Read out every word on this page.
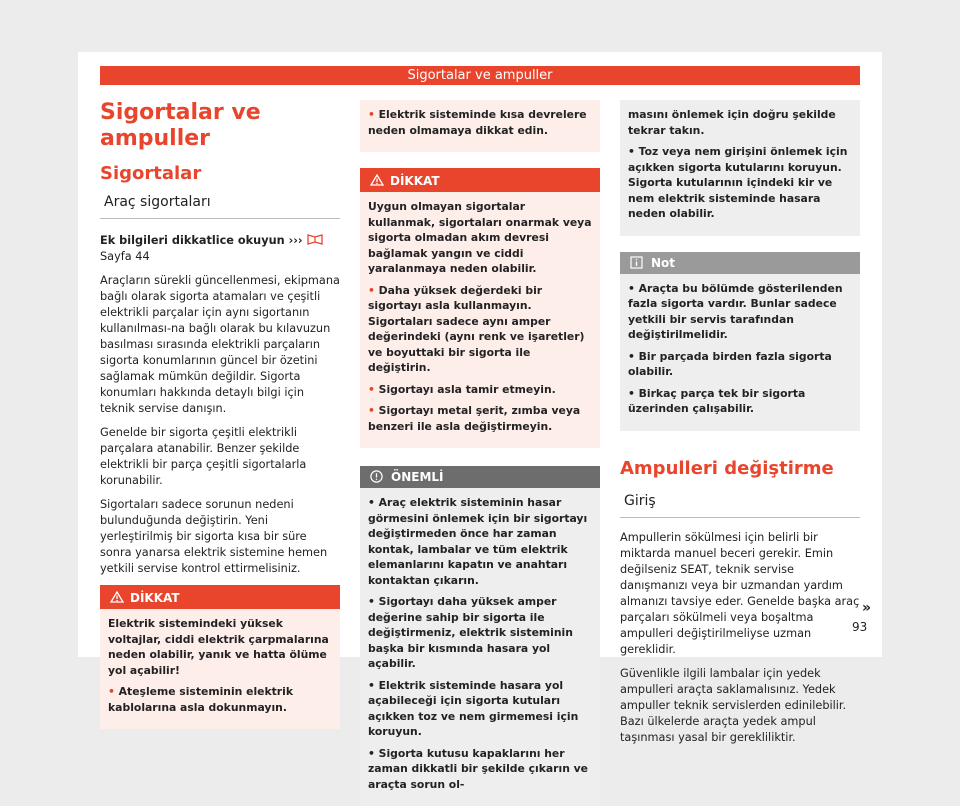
Sigortalar ve ampuller
Sigortalar ve ampuller
Sigortalar
Araç sigortaları

Ek bilgileri dikkatlice okuyun ›››  Sayfa 44

Araçların sürekli güncellenmesi, ekipmana bağlı olarak sigorta atamaları ve çeşitli elektrikli parçalar için aynı sigortanın kullanılması-na bağlı olarak bu kılavuzun basılması sırasında elektrikli parçaların sigorta konumlarının güncel bir özetini sağlamak mümkün değildir. Sigorta konumları hakkında detaylı bilgi için teknik servise danışın.

Genelde bir sigorta çeşitli elektrikli parçalara atanabilir. Benzer şekilde elektrikli bir parça çeşitli sigortalarla korunabilir.

Sigortaları sadece sorunun nedeni bulunduğunda değiştirin. Yeni yerleştirilmiş bir sigorta kısa bir süre sonra yanarsa elektrik sistemine hemen yetkili servise kontrol ettirmelisiniz.

DİKKAT

Elektrik sistemindeki yüksek voltajlar, ciddi elektrik çarpmalarına neden olabilir, yanık ve hatta ölüme yol açabilir!

• Ateşleme sisteminin elektrik kablolarına asla dokunmayın.

• Elektrik sisteminde kısa devrelere neden olmamaya dikkat edin.

DİKKAT

Uygun olmayan sigortalar kullanmak, sigortaları onarmak veya sigorta olmadan akım devresi bağlamak yangın ve ciddi yaralanmaya neden olabilir.

• Daha yüksek değerdeki bir sigortayı asla kullanmayın. Sigortaları sadece aynı amper değerindeki (aynı renk ve işaretler) ve boyuttaki bir sigorta ile değiştirin.

• Sigortayı asla tamir etmeyin.

• Sigortayı metal şerit, zımba veya benzeri ile asla değiştirmeyin.

ÖNEMLİ

• Araç elektrik sisteminin hasar görmesini önlemek için bir sigortayı değiştirmeden önce har zaman kontak, lambalar ve tüm elektrik elemanlarını kapatın ve anahtarı kontaktan çıkarın.

• Sigortayı daha yüksek amper değerine sahip bir sigorta ile değiştirmeniz, elektrik sisteminin başka bir kısmında hasara yol açabilir.

• Elektrik sisteminde hasara yol açabileceği için sigorta kutuları açıkken toz ve nem girmemesi için koruyun.

• Sigorta kutusu kapaklarını her zaman dikkatli bir şekilde çıkarın ve araçta sorun ol-

masını önlemek için doğru şekilde tekrar takın.

• Toz veya nem girişini önlemek için açıkken sigorta kutularını koruyun. Sigorta kutularının içindeki kir ve nem elektrik sisteminde hasara neden olabilir.

Not

• Araçta bu bölümde gösterilenden fazla sigorta vardır. Bunlar sadece yetkili bir servis tarafından değiştirilmelidir.

• Bir parçada birden fazla sigorta olabilir.

• Birkaç parça tek bir sigorta üzerinden çalışabilir.

Ampulleri değiştirme
Giriş

Ampullerin sökülmesi için belirli bir miktarda manuel beceri gerekir. Emin değilseniz SEAT, teknik servise danışmanızı veya bir uzmandan yardım almanızı tavsiye eder. Genelde başka araç parçaları sökülmeli veya boşaltma ampulleri değiştirilmeliyse uzman gereklidir.

Güvenlikle ilgili lambalar için yedek ampulleri araçta saklamalısınız. Yedek ampuller teknik servislerden edinilebilir. Bazı ülkelerde araçta yedek ampul taşınması yasal bir gerekliliktir.

»
93
